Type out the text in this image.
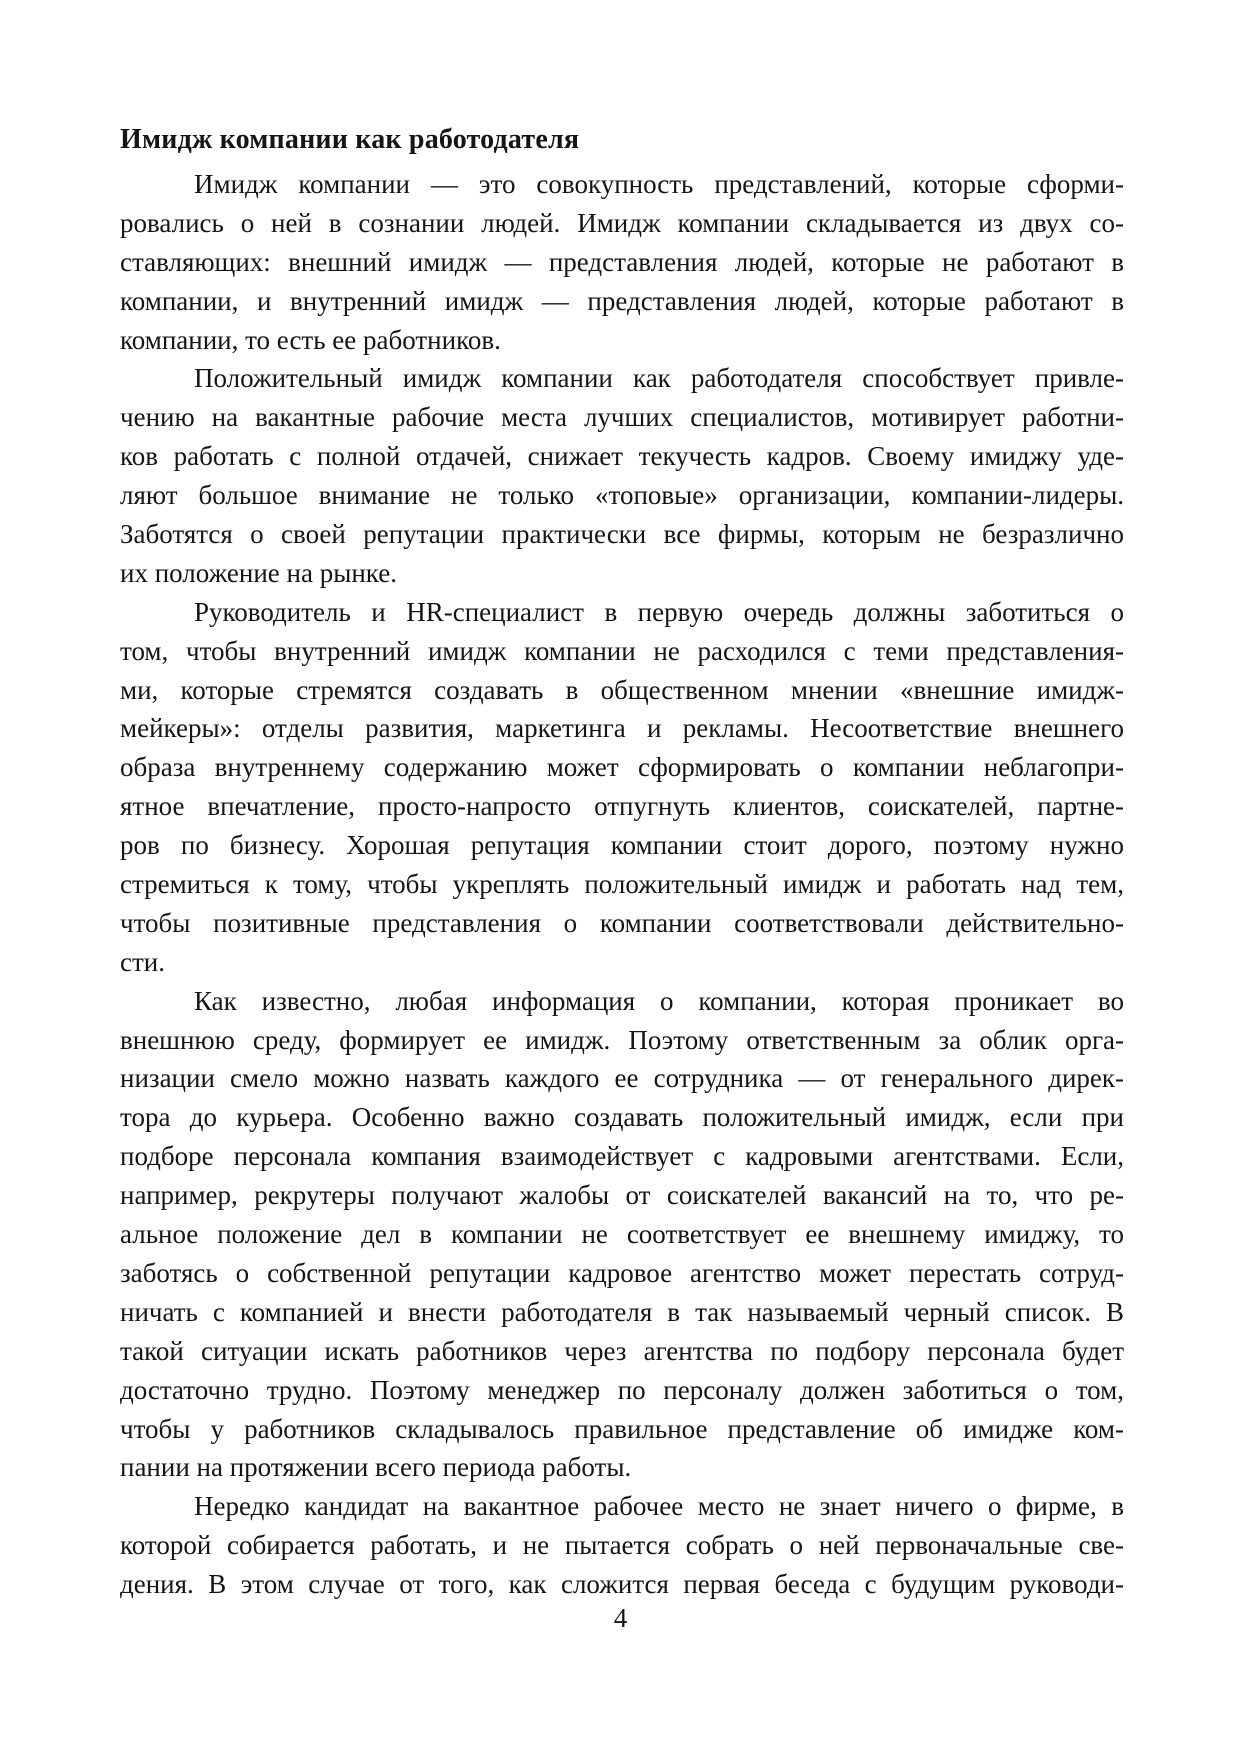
Имидж компании как работодателя
Имидж компании — это совокупность представлений, которые сформи-
ровались о ней в сознании людей. Имидж компании складывается из двух со-
ставляющих: внешний имидж — представления людей, которые не работают в
компании, и внутренний имидж — представления людей, которые работают в
компании, то есть ее работников.
Положительный имидж компании как работодателя способствует привле-
чению на вакантные рабочие места лучших специалистов, мотивирует работни-
ков работать с полной отдачей, снижает текучесть кадров. Своему имиджу уде-
ляют большое внимание не только «топовые» организации, компании-лидеры.
Заботятся о своей репутации практически все фирмы, которым не безразлично
их положение на рынке.
Руководитель и HR-специалист в первую очередь должны заботиться о
том, чтобы внутренний имидж компании не расходился с теми представления-
ми, которые стремятся создавать в общественном мнении «внешние имидж-
мейкеры»: отделы развития, маркетинга и рекламы. Несоответствие внешнего
образа внутреннему содержанию может сформировать о компании неблагопри-
ятное впечатление, просто-напросто отпугнуть клиентов, соискателей, партне-
ров по бизнесу. Хорошая репутация компании стоит дорого, поэтому нужно
стремиться к тому, чтобы укреплять положительный имидж и работать над тем,
чтобы позитивные представления о компании соответствовали действительно-
сти.
Как известно, любая информация о компании, которая проникает во
внешнюю среду, формирует ее имидж. Поэтому ответственным за облик орга-
низации смело можно назвать каждого ее сотрудника — от генерального дирек-
тора до курьера. Особенно важно создавать положительный имидж, если при
подборе персонала компания взаимодействует с кадровыми агентствами. Если,
например, рекрутеры получают жалобы от соискателей вакансий на то, что ре-
альное положение дел в компании не соответствует ее внешнему имиджу, то
заботясь о собственной репутации кадровое агентство может перестать сотруд-
ничать с компанией и внести работодателя в так называемый черный список. В
такой ситуации искать работников через агентства по подбору персонала будет
достаточно трудно. Поэтому менеджер по персоналу должен заботиться о том,
чтобы у работников складывалось правильное представление об имидже ком-
пании на протяжении всего периода работы.
Нередко кандидат на вакантное рабочее место не знает ничего о фирме, в
которой собирается работать, и не пытается собрать о ней первоначальные све-
дения. В этом случае от того, как сложится первая беседа с будущим руководи-
4
